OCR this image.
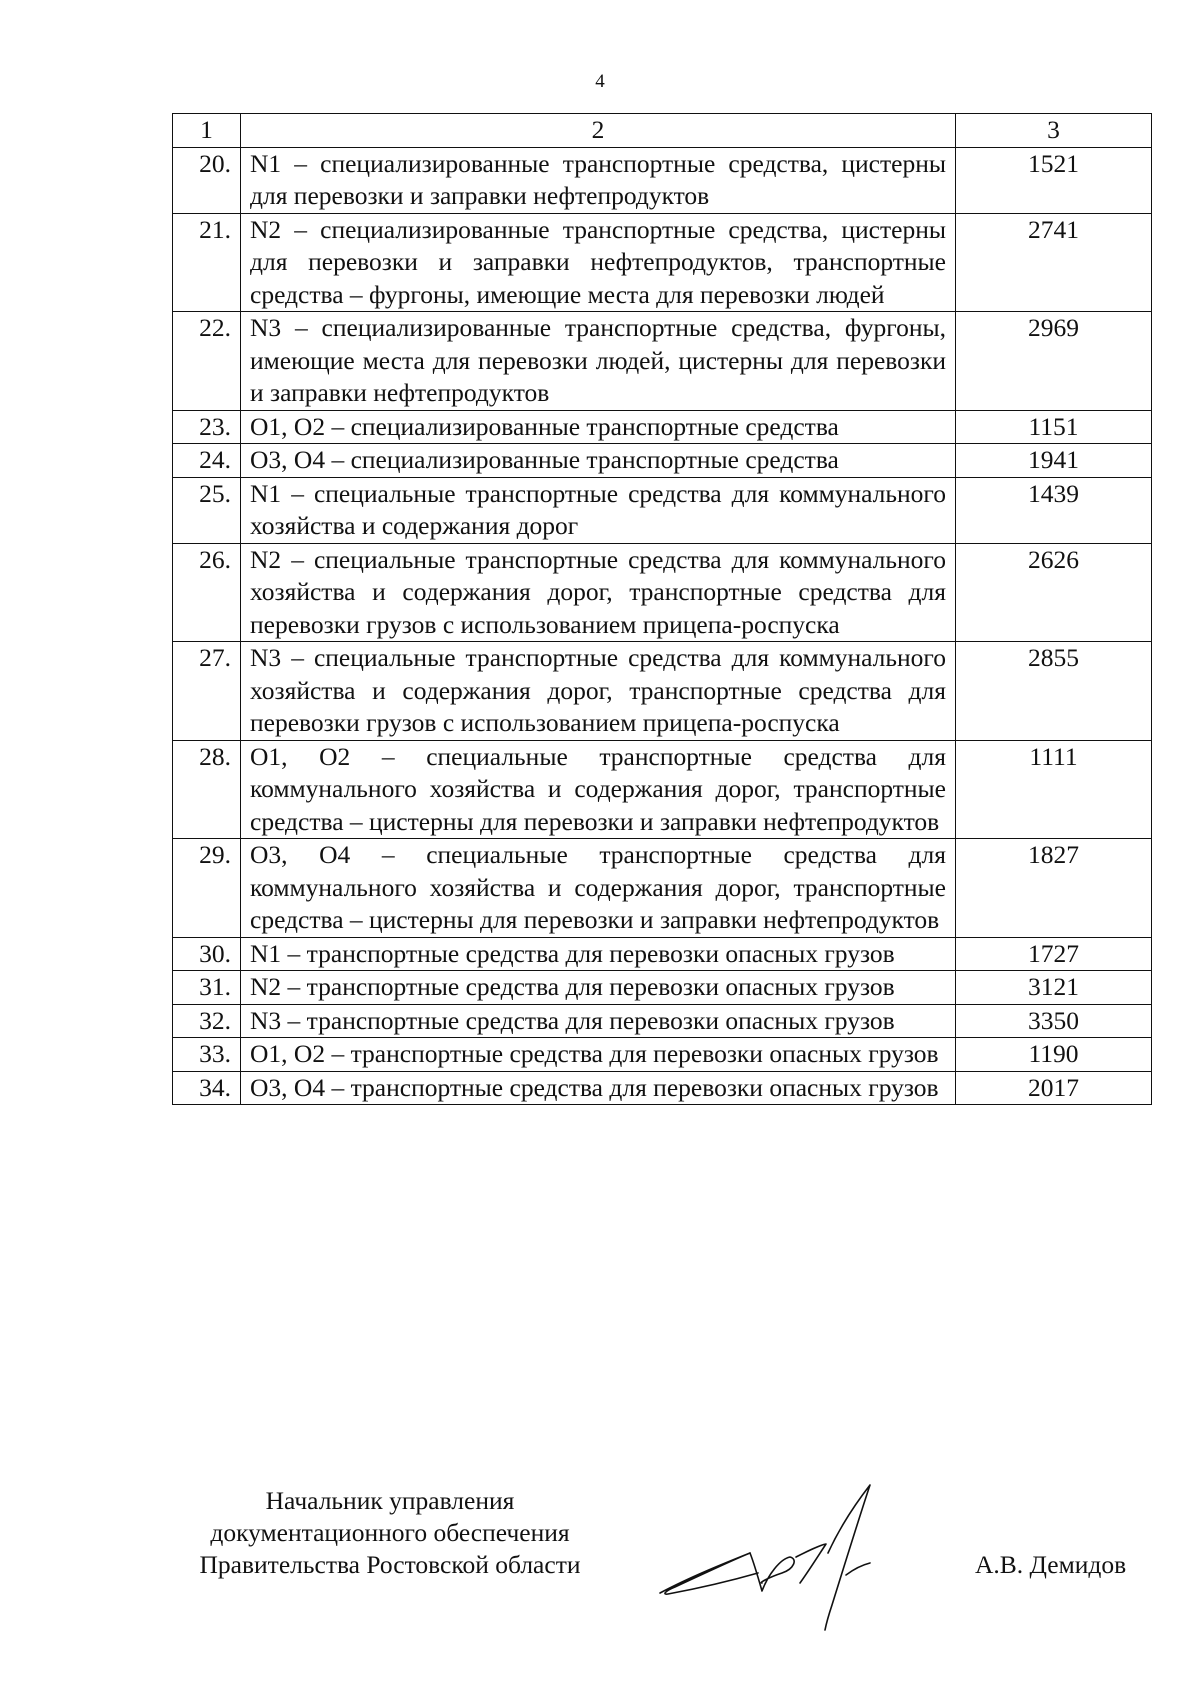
4
1	2	3
20.	N1 – специализированные транспортные средства, цистерны для перевозки и заправки нефтепродуктов	1521
21.	N2 – специализированные транспортные средства, цистерны для перевозки и заправки нефтепродуктов, транспортные средства – фургоны, имеющие места для перевозки людей	2741
22.	N3 – специализированные транспортные средства, фургоны, имеющие места для перевозки людей, цистерны для перевозки и заправки нефтепродуктов	2969
23.	O1, O2 – специализированные транспортные средства	1151
24.	O3, O4 – специализированные транспортные средства	1941
25.	N1 – специальные транспортные средства для коммунального хозяйства и содержания дорог	1439
26.	N2 – специальные транспортные средства для коммунального хозяйства и содержания дорог, транспортные средства для перевозки грузов с использованием прицепа-роспуска	2626
27.	N3 – специальные транспортные средства для коммунального хозяйства и содержания дорог, транспортные средства для перевозки грузов с использованием прицепа-роспуска	2855
28.	O1, O2 – специальные транспортные средства для коммунального хозяйства и содержания дорог, транспортные средства – цистерны для перевозки и заправки нефтепродуктов	1111
29.	O3, O4 – специальные транспортные средства для коммунального хозяйства и содержания дорог, транспортные средства – цистерны для перевозки и заправки нефтепродуктов	1827
30.	N1 – транспортные средства для перевозки опасных грузов	1727
31.	N2 – транспортные средства для перевозки опасных грузов	3121
32.	N3 – транспортные средства для перевозки опасных грузов	3350
33.	O1, O2 – транспортные средства для перевозки опасных грузов	1190
34.	O3, O4 – транспортные средства для перевозки опасных грузов	2017
Начальник управления
документационного обеспечения
Правительства Ростовской области	А.В. Демидов
